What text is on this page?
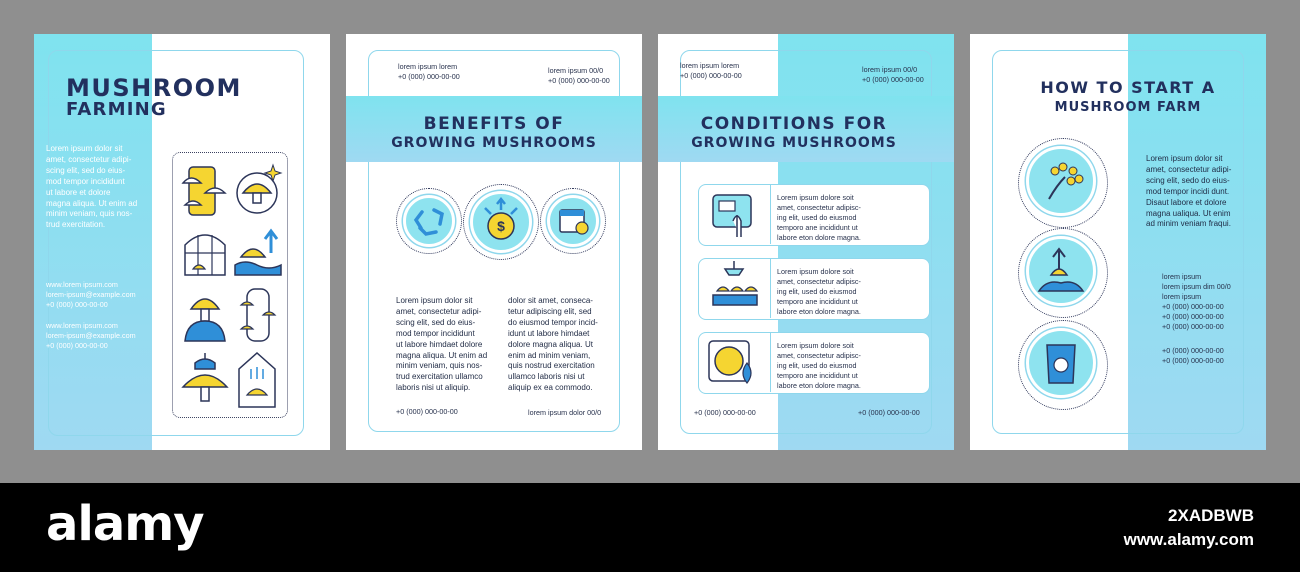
MUSHROOM
FARMING
Lorem ipsum dolor sit
amet, consectetur adipi-
scing elit, sed do eius-
mod tempor incididunt
ut labore et dolore
magna aliqua. Ut enim ad
minim veniam, quis nos-
trud exercitation.
www.lorem ipsum.com
lorem-ipsum@example.com
+0 (000) 000-00-00
www.lorem ipsum.com
lorem-ipsum@example.com
+0 (000) 000-00-00
lorem ipsum lorem
+0 (000) 000-00-00
lorem ipsum 00/0
+0 (000) 000-00-00
BENEFITS OF
GROWING MUSHROOMS
$
Lorem ipsum dolor sit
amet, consectetur adipi-
scing elit, sed do eius-
mod tempor incididunt
ut labore himdaet dolore
magna aliqua. Ut enim ad
minim veniam, quis nos-
trud exercitation ullamco
laboris nisi ut aliquip.
dolor sit amet, consecа-
tetur adipiscing elit, sed
do eiusmod tempor incid-
idunt ut labore himdaet
dolore magna aliqua. Ut
enim ad minim veniam,
quis nostrud exercitation
ullamco laboris nisi ut
aliquip ex ea commodo.
+0 (000) 000-00-00	lorem ipsum dolor 00/0
lorem ipsum lorem
+0 (000) 000-00-00
lorem ipsum 00/0
+0 (000) 000-00-00
CONDITIONS FOR
GROWING MUSHROOMS
Lorem ipsum dolore soit
amet, consectetur adipisc-
ing elit, used do eiusmod
temporo ane incididunt ut
labore eton dolore magna.
Lorem ipsum dolore soit
amet, consectetur adipisc-
ing elit, used do eiusmod
temporo ane incididunt ut
labore eton dolore magna.
Lorem ipsum dolore soit
amet, consectetur adipisc-
ing elit, used do eiusmod
temporo ane incididunt ut
labore eton dolore magna.
+0 (000) 000-00-00	+0 (000) 000-00-00
HOW TO START A
MUSHROOM FARM
Lorem ipsum dolor sit
amet, consectetur adipi-
scing elit, sedo do eius-
mod tempor incidi dunt.
Disaut labore et dolore
magna ualiqua. Ut enim
ad minim veniam fraqui.
lorem ipsum
lorem ipsum dim 00/0
lorem ipsum
+0 (000) 000-00-00
+0 (000) 000-00-00
+0 (000) 000-00-00
+0 (000) 000-00-00
+0 (000) 000-00-00
alamy	2XADBWB
www.alamy.com
